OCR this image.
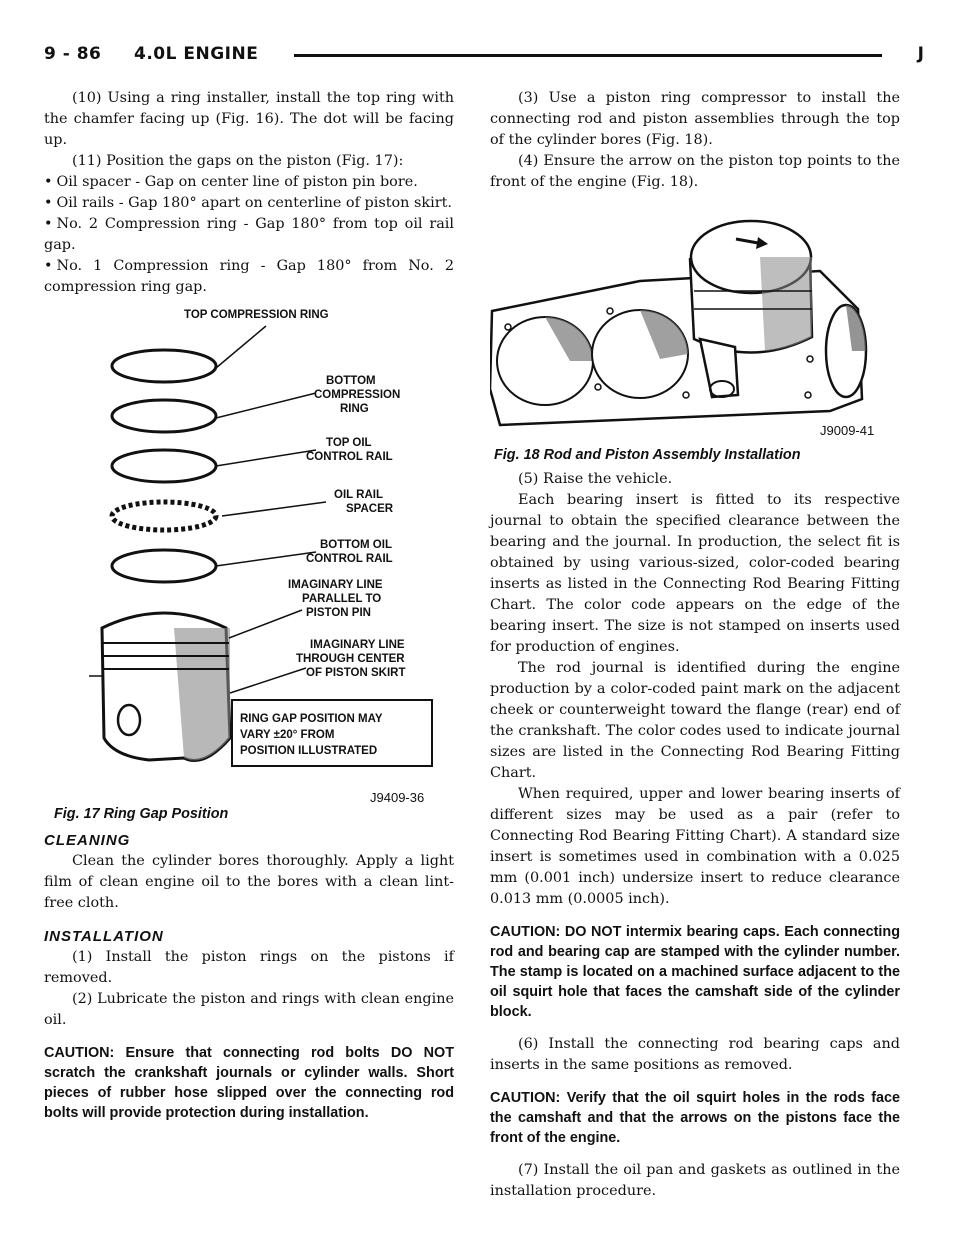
9 - 86 4.0L ENGINE	J

(10) Using a ring installer, install the top ring with the chamfer facing up (Fig. 16). The dot will be facing up.

(11) Position the gaps on the piston (Fig. 17):

• Oil spacer - Gap on center line of piston pin bore.

• Oil rails - Gap 180° apart on centerline of piston skirt.

• No. 2 Compression ring - Gap 180° from top oil rail gap.

• No. 1 Compression ring - Gap 180° from No. 2 compression ring gap.

TOP COMPRESSION RING
BOTTOM
COMPRESSION
RING
TOP OIL
CONTROL RAIL
OIL RAIL
SPACER
BOTTOM OIL
CONTROL RAIL
IMAGINARY LINE
PARALLEL TO
PISTON PIN
IMAGINARY LINE
THROUGH CENTER
OF PISTON SKIRT
RING GAP POSITION MAY
VARY ±20° FROM
POSITION ILLUSTRATED
J9409-36
Fig. 17 Ring Gap Position

CLEANING

Clean the cylinder bores thoroughly. Apply a light film of clean engine oil to the bores with a clean lint-free cloth.

INSTALLATION

(1) Install the piston rings on the pistons if removed.

(2) Lubricate the piston and rings with clean engine oil.

CAUTION: Ensure that connecting rod bolts DO NOT scratch the crankshaft journals or cylinder walls. Short pieces of rubber hose slipped over the connecting rod bolts will provide protection during installation.

(3) Use a piston ring compressor to install the connecting rod and piston assemblies through the top of the cylinder bores (Fig. 18).

(4) Ensure the arrow on the piston top points to the front of the engine (Fig. 18).

J9009-41
Fig. 18 Rod and Piston Assembly Installation

(5) Raise the vehicle.

Each bearing insert is fitted to its respective journal to obtain the specified clearance between the bearing and the journal. In production, the select fit is obtained by using various-sized, color-coded bearing inserts as listed in the Connecting Rod Bearing Fitting Chart. The color code appears on the edge of the bearing insert. The size is not stamped on inserts used for production of engines.

The rod journal is identified during the engine production by a color-coded paint mark on the adjacent cheek or counterweight toward the flange (rear) end of the crankshaft. The color codes used to indicate journal sizes are listed in the Connecting Rod Bearing Fitting Chart.

When required, upper and lower bearing inserts of different sizes may be used as a pair (refer to Connecting Rod Bearing Fitting Chart). A standard size insert is sometimes used in combination with a 0.025 mm (0.001 inch) undersize insert to reduce clearance 0.013 mm (0.0005 inch).

CAUTION: DO NOT intermix bearing caps. Each connecting rod and bearing cap are stamped with the cylinder number. The stamp is located on a machined surface adjacent to the oil squirt hole that faces the camshaft side of the cylinder block.

(6) Install the connecting rod bearing caps and inserts in the same positions as removed.

CAUTION: Verify that the oil squirt holes in the rods face the camshaft and that the arrows on the pistons face the front of the engine.

(7) Install the oil pan and gaskets as outlined in the installation procedure.
